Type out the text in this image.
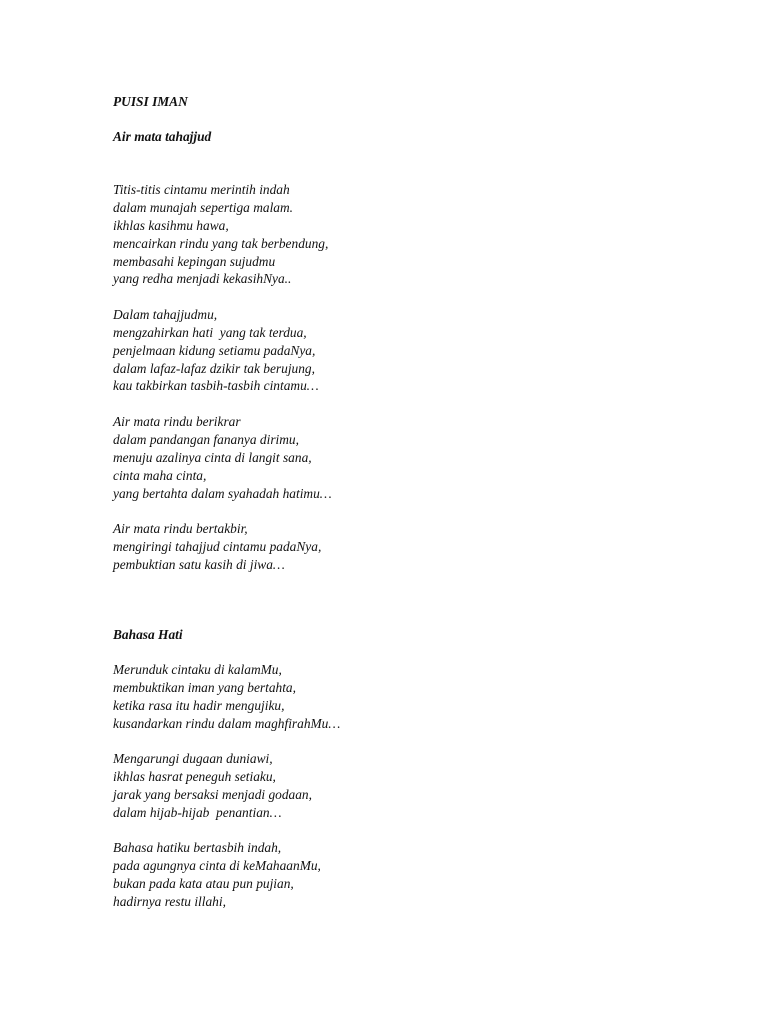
PUISI IMAN
Air mata tahajjud
Titis-titis cintamu merintih indah
dalam munajah sepertiga malam.
ikhlas kasihmu hawa,
mencairkan rindu yang tak berbendung,
membasahi kepingan sujudmu
yang redha menjadi kekasihNya..
Dalam tahajjudmu,
mengzahirkan hati  yang tak terdua,
penjelmaan kidung setiamu padaNya,
dalam lafaz-lafaz dzikir tak berujung,
kau takbirkan tasbih-tasbih cintamu…
Air mata rindu berikrar
dalam pandangan fananya dirimu,
menuju azalinya cinta di langit sana,
cinta maha cinta,
yang bertahta dalam syahadah hatimu…
Air mata rindu bertakbir,
mengiringi tahajjud cintamu padaNya,
pembuktian satu kasih di jiwa…
Bahasa Hati
Merunduk cintaku di kalamMu,
membuktikan iman yang bertahta,
ketika rasa itu hadir mengujiku,
kusandarkan rindu dalam maghfirahMu…
Mengarungi dugaan duniawi,
ikhlas hasrat peneguh setiaku,
jarak yang bersaksi menjadi godaan,
dalam hijab-hijab  penantian…
Bahasa hatiku bertasbih indah,
pada agungnya cinta di keMahaanMu,
bukan pada kata atau pun pujian,
hadirnya restu illahi,
